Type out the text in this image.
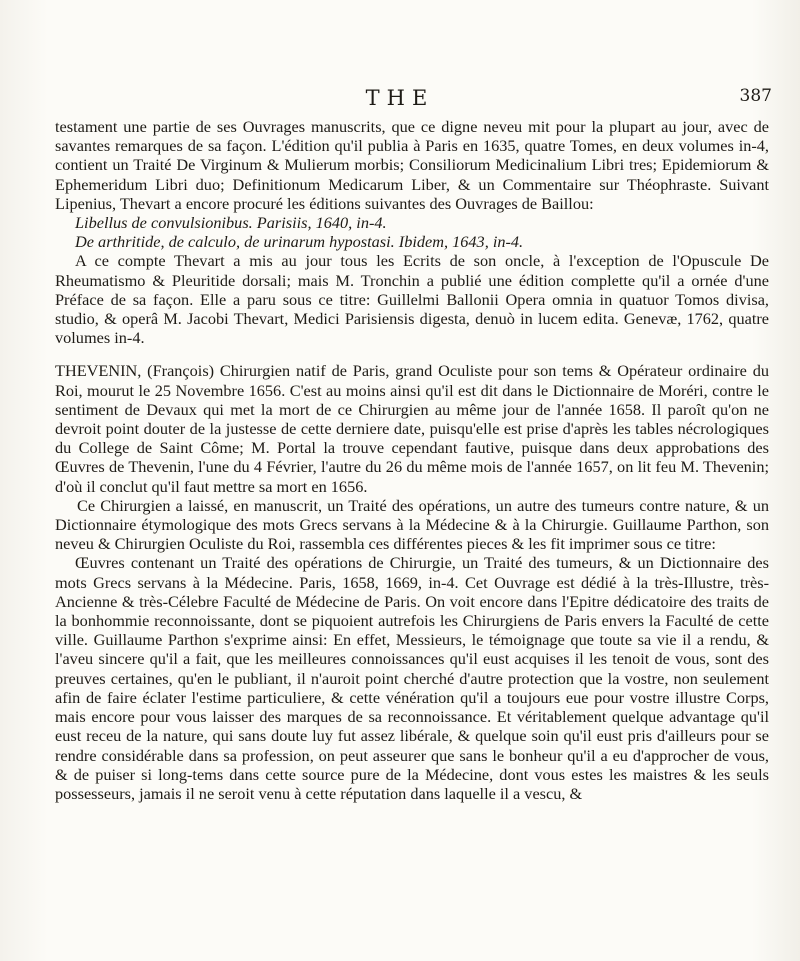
THE	387

testament une partie de ses Ouvrages manuscrits, que ce digne neveu mit pour la plupart au jour, avec de savantes remarques de sa façon. L'édition qu'il publia à Paris en 1635, quatre Tomes, en deux volumes in-4, contient un Traité De Virginum & Mulierum morbis; Consiliorum Medicinalium Libri tres; Epidemiorum & Ephemeridum Libri duo; Definitionum Medicarum Liber, & un Commentaire sur Théophraste. Suivant Lipenius, Thevart a encore procuré les éditions suivantes des Ouvrages de Baillou:

Libellus de convulsionibus. Parisiis, 1640, in-4.

De arthritide, de calculo, de urinarum hypostasi. Ibidem, 1643, in-4.

A ce compte Thevart a mis au jour tous les Ecrits de son oncle, à l'exception de l'Opuscule De Rheumatismo & Pleuritide dorsali; mais M. Tronchin a publié une édition complette qu'il a ornée d'une Préface de sa façon. Elle a paru sous ce titre: Guillelmi Ballonii Opera omnia in quatuor Tomos divisa, studio, & operâ M. Jacobi Thevart, Medici Parisiensis digesta, denuò in lucem edita. Genevæ, 1762, quatre volumes in-4.

THEVENIN, (François) Chirurgien natif de Paris, grand Oculiste pour son tems & Opérateur ordinaire du Roi, mourut le 25 Novembre 1656. C'est au moins ainsi qu'il est dit dans le Dictionnaire de Moréri, contre le sentiment de Devaux qui met la mort de ce Chirurgien au même jour de l'année 1658. Il paroît qu'on ne devroit point douter de la justesse de cette derniere date, puisqu'elle est prise d'après les tables nécrologiques du College de Saint Côme; M. Portal la trouve cependant fautive, puisque dans deux approbations des Œuvres de Thevenin, l'une du 4 Février, l'autre du 26 du même mois de l'année 1657, on lit feu M. Thevenin; d'où il conclut qu'il faut mettre sa mort en 1656.

Ce Chirurgien a laissé, en manuscrit, un Traité des opérations, un autre des tumeurs contre nature, & un Dictionnaire étymologique des mots Grecs servans à la Médecine & à la Chirurgie. Guillaume Parthon, son neveu & Chirurgien Oculiste du Roi, rassembla ces différentes pieces & les fit imprimer sous ce titre:

Œuvres contenant un Traité des opérations de Chirurgie, un Traité des tumeurs, & un Dictionnaire des mots Grecs servans à la Médecine. Paris, 1658, 1669, in-4. Cet Ouvrage est dédié à la très-Illustre, très-Ancienne & très-Célebre Faculté de Médecine de Paris. On voit encore dans l'Epitre dédicatoire des traits de la bonhommie reconnoissante, dont se piquoient autrefois les Chirurgiens de Paris envers la Faculté de cette ville. Guillaume Parthon s'exprime ainsi: En effet, Messieurs, le témoignage que toute sa vie il a rendu, & l'aveu sincere qu'il a fait, que les meilleures connoissances qu'il eust acquises il les tenoit de vous, sont des preuves certaines, qu'en le publiant, il n'auroit point cherché d'autre protection que la vostre, non seulement afin de faire éclater l'estime particuliere, & cette vénération qu'il a toujours eue pour vostre illustre Corps, mais encore pour vous laisser des marques de sa reconnoissance. Et véritablement quelque advantage qu'il eust receu de la nature, qui sans doute luy fut assez libérale, & quelque soin qu'il eust pris d'ailleurs pour se rendre considérable dans sa profession, on peut asseurer que sans le bonheur qu'il a eu d'approcher de vous, & de puiser si long-tems dans cette source pure de la Médecine, dont vous estes les maistres & les seuls possesseurs, jamais il ne seroit venu à cette réputation dans laquelle il a vescu, &
